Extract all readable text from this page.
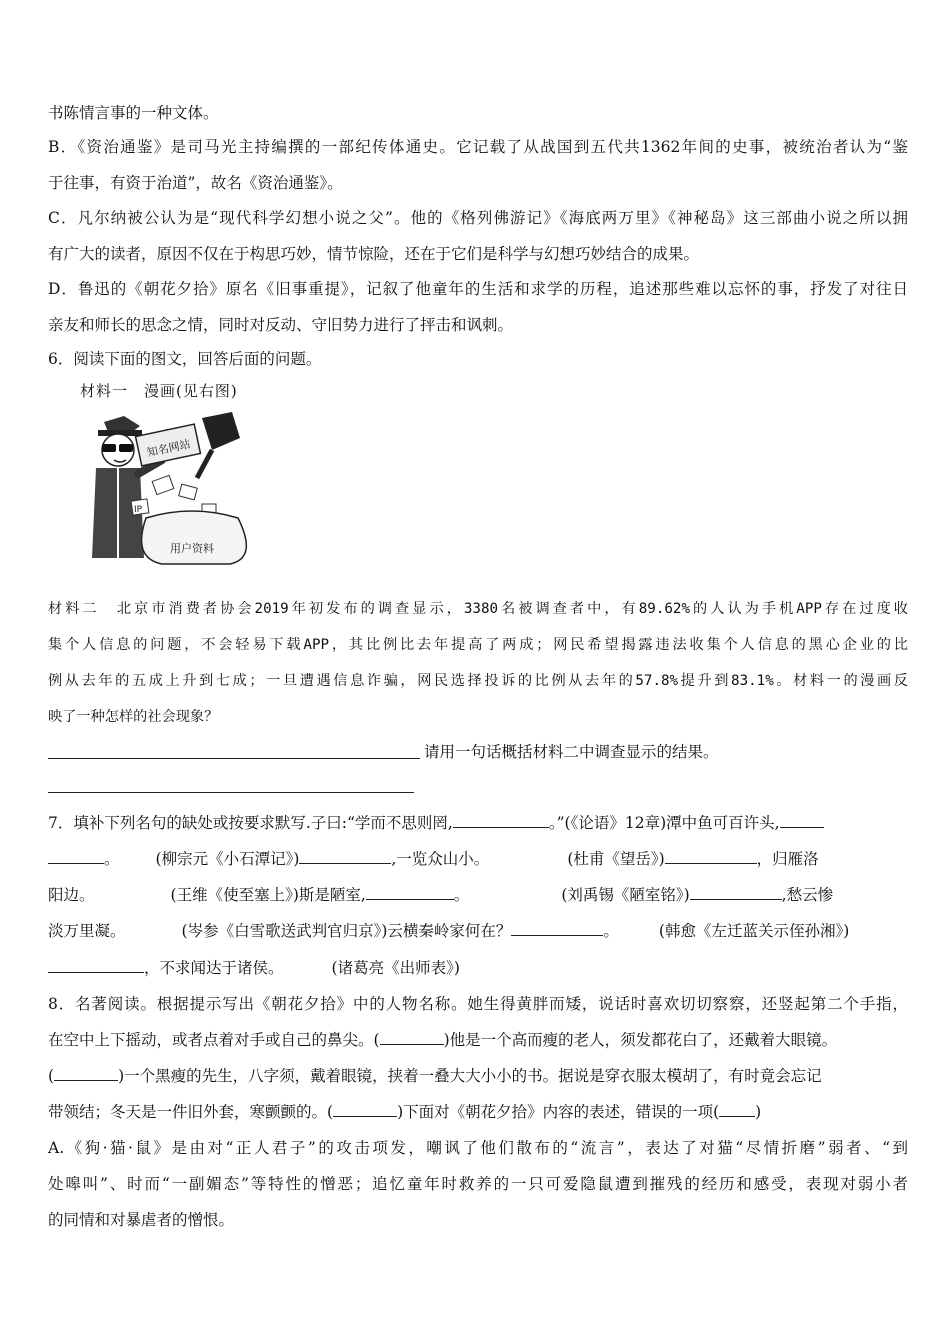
书陈情言事的一种文体。
B．《资治通鉴》是司马光主持编撰的一部纪传体通史。它记载了从战国到五代共1362年间的史事，被统治者认为“鉴
于往事，有资于治道”，故名《资治通鉴》。
C．凡尔纳被公认为是“现代科学幻想小说之父”。他的《格列佛游记》《海底两万里》《神秘岛》这三部曲小说之所以拥
有广大的读者，原因不仅在于构思巧妙，情节惊险，还在于它们是科学与幻想巧妙结合的成果。
D．鲁迅的《朝花夕拾》原名《旧事重提》，记叙了他童年的生活和求学的历程，追述那些难以忘怀的事，抒发了对往日
亲友和师长的思念之情，同时对反动、守旧势力进行了抨击和讽刺。
6．阅读下面的图文，回答后面的问题。
材料一　漫画(见右图)
知名网站
IP
用户资料
材料二　北京市消费者协会2019年初发布的调查显示，3380名被调查者中，有89.62%的人认为手机APP存在过度收
集个人信息的问题，不会轻易下载APP，其比例比去年提高了两成；网民希望揭露违法收集个人信息的黑心企业的比
例从去年的五成上升到七成；一旦遭遇信息诈骗，网民选择投诉的比例从去年的57.8%提升到83.1%。材料一的漫画反
映了一种怎样的社会现象？
请用一句话概括材料二中调查显示的结果。
7．填补下列名句的缺处或按要求默写.子曰:“学而不思则罔,	。”(《论语》12章)潭中鱼可百许头,
。 (柳宗元《小石潭记》)	,一览众山小。	(杜甫《望岳》)	，归雁洛
阳边。	(王维《使至塞上》)斯是陋室,	。	(刘禹锡《陋室铭》)	,愁云惨
淡万里凝。	(岑参《白雪歌送武判官归京》)云横秦岭家何在？	。	(韩愈《左迁蓝关示侄孙湘》)
，不求闻达于诸侯。	(诸葛亮《出师表》)
8．名著阅读。根据提示写出《朝花夕拾》中的人物名称。她生得黄胖而矮，说话时喜欢切切察察，还竖起第二个手指，
在空中上下摇动，或者点着对手或自己的鼻尖。(	)他是一个高而瘦的老人，须发都花白了，还戴着大眼镜。
(	)一个黑瘦的先生，八字须，戴着眼镜，挟着一叠大大小小的书。据说是穿衣服太模胡了，有时竟会忘记
带领结；冬天是一件旧外套，寒颤颤的。(	)下面对《朝花夕拾》内容的表述，错误的一项( )
A.《狗·猫·鼠》是由对“正人君子”的攻击项发，嘲讽了他们散布的“流言”，表达了对猫“尽情折磨”弱者、“到
处嗥叫”、时而“一副媚态”等特性的憎恶；追忆童年时救养的一只可爱隐鼠遭到摧残的经历和感受，表现对弱小者
的同情和对暴虐者的憎恨。
